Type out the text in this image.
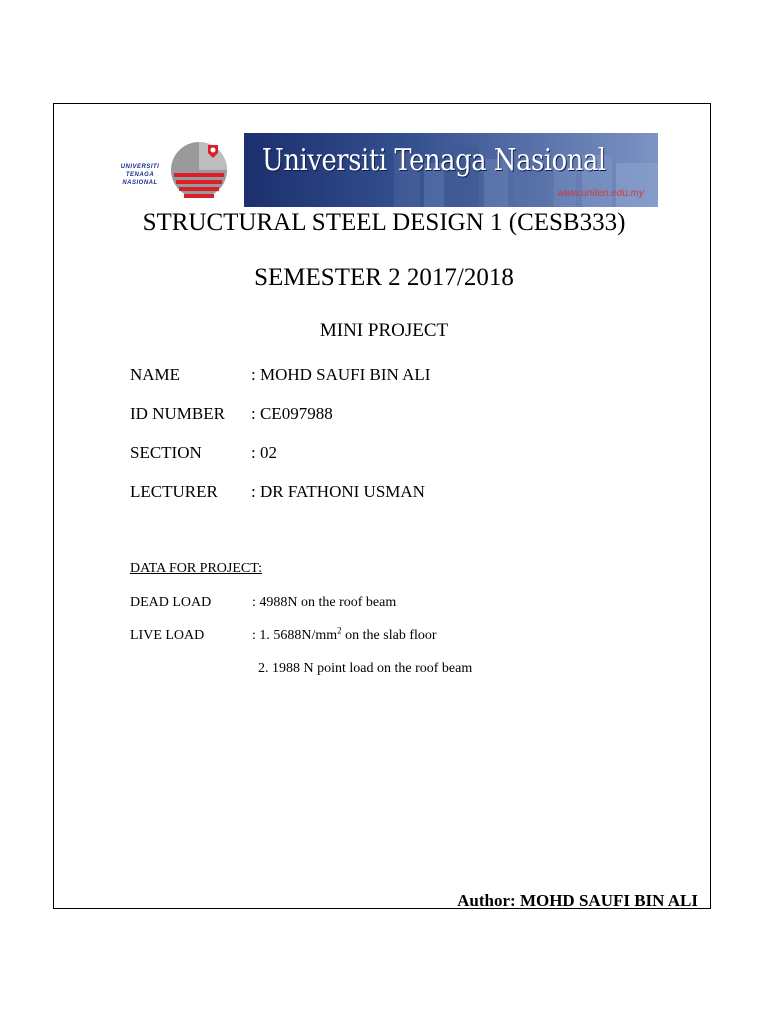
UNIVERSITI
TENAGA
NASIONAL
Universiti Tenaga Nasional
www.uniten.edu.my
STRUCTURAL STEEL DESIGN 1 (CESB333)
SEMESTER 2 2017/2018
MINI PROJECT
NAME	: MOHD SAUFI BIN ALI
ID NUMBER : CE097988
SECTION	: 02
LECTURER : DR FATHONI USMAN
DATA FOR PROJECT:
DEAD LOAD	: 4988N on the roof beam
LIVE LOAD	: 1. $5688N/mm^2$ on the slab floor
2. 1988 N point load on the roof beam
Author: MOHD SAUFI BIN ALI
